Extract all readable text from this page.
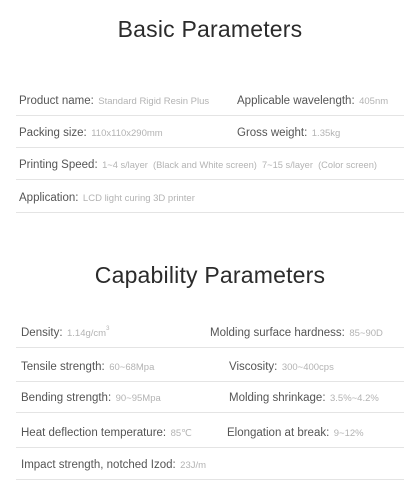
Basic Parameters
Product name: Standard Rigid Resin Plus Applicable wavelength: 405nm
Packing size: 110x110x290mm	Gross weight: 1.35kg
Printing Speed: 1~4 s/layer  (Black and White screen)  7~15 s/layer  (Color screen)
Application: LCD light curing 3D printer
Capability Parameters
Density: $1.14g/cm^3$	Molding surface hardness: 85~90D
Tensile strength: 60~68Mpa	Viscosity: 300~400cps
Bending strength: 90~95Mpa	Molding shrinkage: 3.5%~4.2%
Heat deflection temperature: 85℃	Elongation at break: 9~12%
Impact strength, notched Izod: 23J/m
